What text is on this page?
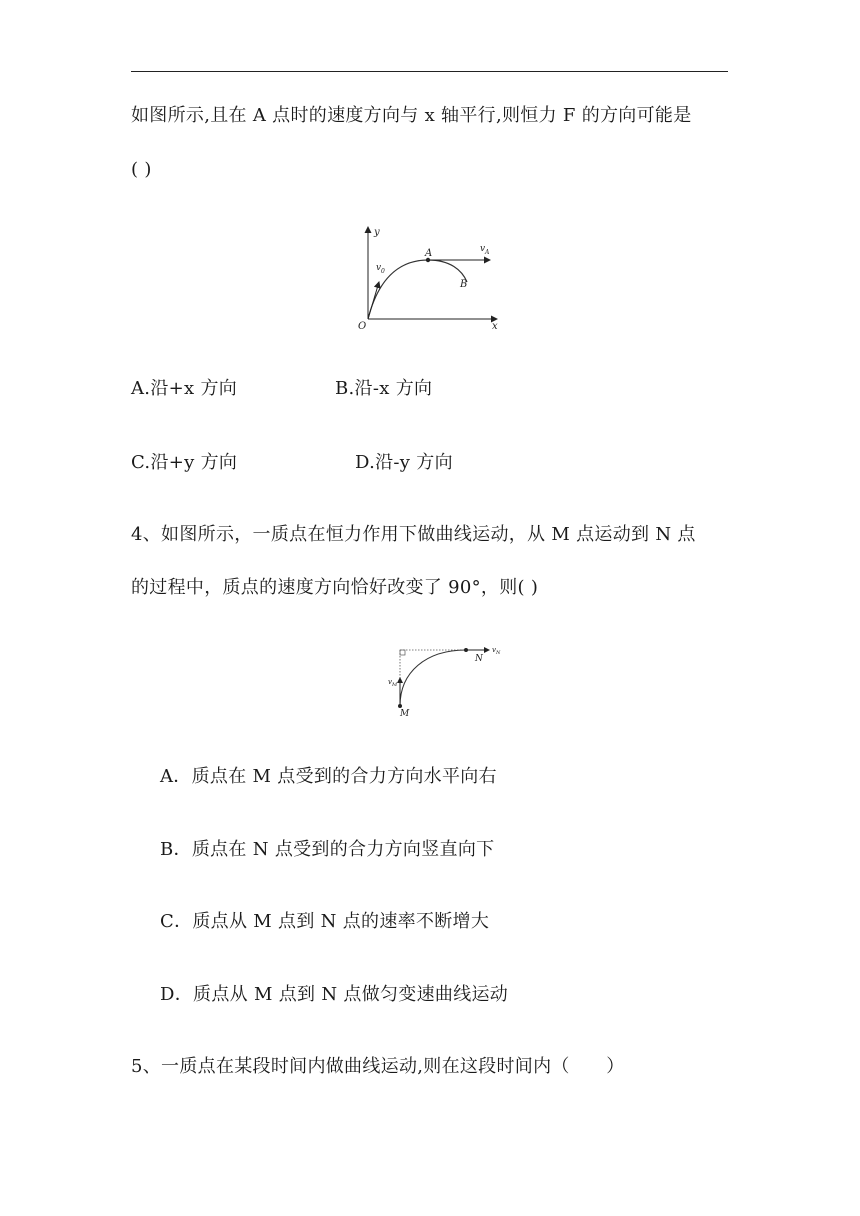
如图所示,且在 A 点时的速度方向与 x 轴平行,则恒力 F 的方向可能是
( )
y
x
O
A
B
v 0
v A
A.沿+x 方向	B.沿-x 方向
C.沿+y 方向	D.沿-y 方向
4、如图所示，一质点在恒力作用下做曲线运动，从 M 点运动到 N 点
的过程中，质点的速度方向恰好改变了 90°，则( )
M
N
v M
v N
A．质点在 M 点受到的合力方向水平向右
B．质点在 N 点受到的合力方向竖直向下
C．质点从 M 点到 N 点的速率不断增大
D．质点从 M 点到 N 点做匀变速曲线运动
5、一质点在某段时间内做曲线运动,则在这段时间内（　　）
